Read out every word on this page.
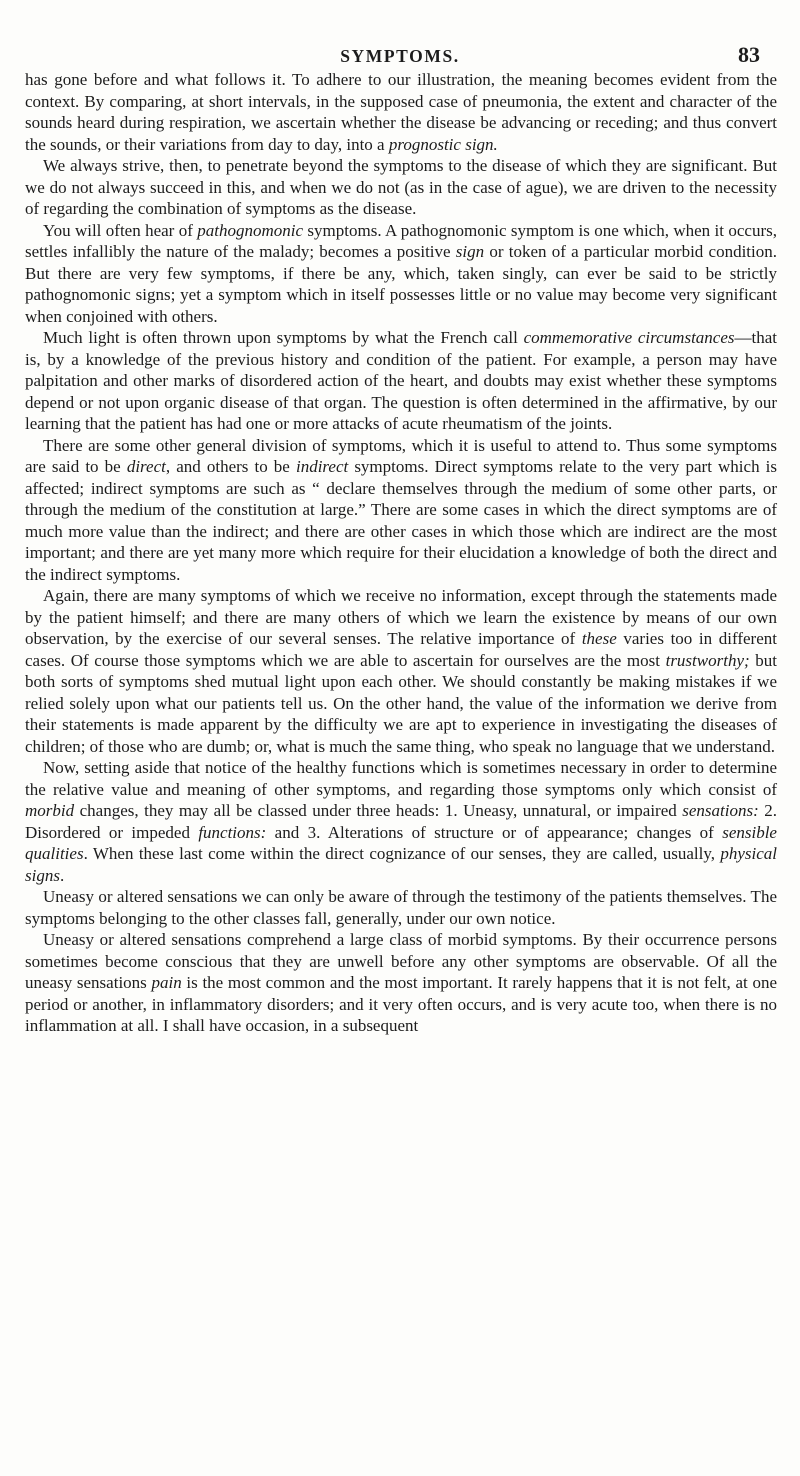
SYMPTOMS.	83

has gone before and what follows it. To adhere to our illustration, the meaning becomes evident from the context. By comparing, at short intervals, in the supposed case of pneumonia, the extent and character of the sounds heard during respiration, we ascertain whether the disease be advancing or receding; and thus convert the sounds, or their variations from day to day, into a prognostic sign.

We always strive, then, to penetrate beyond the symptoms to the disease of which they are significant. But we do not always succeed in this, and when we do not (as in the case of ague), we are driven to the necessity of regarding the combination of symptoms as the disease.

You will often hear of pathognomonic symptoms. A pathognomonic symptom is one which, when it occurs, settles infallibly the nature of the malady; becomes a positive sign or token of a particular morbid condition. But there are very few symptoms, if there be any, which, taken singly, can ever be said to be strictly pathognomonic signs; yet a symptom which in itself possesses little or no value may become very significant when conjoined with others.

Much light is often thrown upon symptoms by what the French call commemorative circumstances—that is, by a knowledge of the previous history and condition of the patient. For example, a person may have palpitation and other marks of disordered action of the heart, and doubts may exist whether these symptoms depend or not upon organic disease of that organ. The question is often determined in the affirmative, by our learning that the patient has had one or more attacks of acute rheumatism of the joints.

There are some other general division of symptoms, which it is useful to attend to. Thus some symptoms are said to be direct, and others to be indirect symptoms. Direct symptoms relate to the very part which is affected; indirect symptoms are such as “ declare themselves through the medium of some other parts, or through the medium of the constitution at large.” There are some cases in which the direct symptoms are of much more value than the indirect; and there are other cases in which those which are indirect are the most important; and there are yet many more which require for their elucidation a knowledge of both the direct and the indirect symptoms.

Again, there are many symptoms of which we receive no information, except through the statements made by the patient himself; and there are many others of which we learn the existence by means of our own observation, by the exercise of our several senses. The relative importance of these varies too in different cases. Of course those symptoms which we are able to ascertain for ourselves are the most trustworthy; but both sorts of symptoms shed mutual light upon each other. We should constantly be making mistakes if we relied solely upon what our patients tell us. On the other hand, the value of the information we derive from their statements is made apparent by the difficulty we are apt to experience in investigating the diseases of children; of those who are dumb; or, what is much the same thing, who speak no language that we understand.

Now, setting aside that notice of the healthy functions which is sometimes necessary in order to determine the relative value and meaning of other symptoms, and regarding those symptoms only which consist of morbid changes, they may all be classed under three heads: 1. Uneasy, unnatural, or impaired sensations: 2. Disordered or impeded functions: and 3. Alterations of structure or of appearance; changes of sensible qualities. When these last come within the direct cognizance of our senses, they are called, usually, physical signs.

Uneasy or altered sensations we can only be aware of through the testimony of the patients themselves. The symptoms belonging to the other classes fall, generally, under our own notice.

Uneasy or altered sensations comprehend a large class of morbid symptoms. By their occurrence persons sometimes become conscious that they are unwell before any other symptoms are observable. Of all the uneasy sensations pain is the most common and the most important. It rarely happens that it is not felt, at one period or another, in inflammatory disorders; and it very often occurs, and is very acute too, when there is no inflammation at all. I shall have occasion, in a subsequent
